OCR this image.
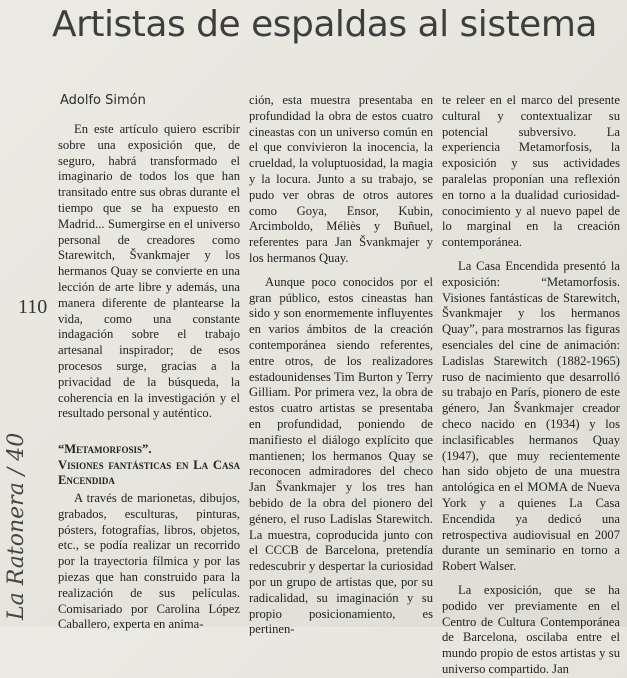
Artistas de espaldas al sistema
Adolfo Simón

En este artículo quiero escribir sobre una exposición que, de seguro, habrá transformado el imaginario de todos los que han transitado entre sus obras durante el tiempo que se ha expuesto en Madrid... Sumergirse en el universo personal de creadores como Starewitch, Švankmajer y los hermanos Quay se convierte en una lección de arte libre y además, una manera diferente de plantearse la vida, como una constante indagación sobre el trabajo artesanal inspirador; de esos procesos surge, gracias a la privacidad de la búsqueda, la coherencia en la investigación y el resultado personal y auténtico.

“Metamorfosis”.
Visiones fantásticas en La Casa Encendida

A través de marionetas, dibujos, grabados, esculturas, pinturas, pósters, fotografías, libros, objetos, etc., se podía realizar un recorrido por la trayectoria fílmica y por las piezas que han construido para la realización de sus películas. Comisariado por Carolina López Caballero, experta en anima-

ción, esta muestra presentaba en profundidad la obra de estos cuatro cineastas con un universo común en el que convivieron la inocencia, la crueldad, la voluptuosidad, la magia y la locura. Junto a su trabajo, se pudo ver obras de otros autores como Goya, Ensor, Kubin, Arcimboldo, Méliès y Buñuel, referentes para Jan Švankmajer y los hermanos Quay.

Aunque poco conocidos por el gran público, estos cineastas han sido y son enormemente influyentes en varios ámbitos de la creación contemporánea siendo referentes, entre otros, de los realizadores estadounidenses Tim Burton y Terry Gilliam. Por primera vez, la obra de estos cuatro artistas se presentaba en profundidad, poniendo de manifiesto el diálogo explícito que mantienen; los hermanos Quay se reconocen admiradores del checo Jan Švankmajer y los tres han bebido de la obra del pionero del género, el ruso Ladislas Starewitch. La muestra, coproducida junto con el CCCB de Barcelona, pretendía redescubrir y despertar la curiosidad por un grupo de artistas que, por su radicalidad, su imaginación y su propio posicionamiento, es pertinen-

te releer en el marco del presente cultural y contextualizar su potencial subversivo. La experiencia Metamorfosis, la exposición y sus actividades paralelas proponían una reflexión en torno a la dualidad curiosidad-conocimiento y al nuevo papel de lo marginal en la creación contemporánea.

La Casa Encendida presentó la exposición: “Metamorfosis. Visiones fantásticas de Starewitch, Švankmajer y los hermanos Quay”, para mostrarnos las figuras esenciales del cine de animación: Ladislas Starewitch (1882-1965) ruso de nacimiento que desarrolló su trabajo en París, pionero de este género, Jan Švankmajer creador checo nacido en (1934) y los inclasificables hermanos Quay (1947), que muy recientemente han sido objeto de una muestra antológica en el MOMA de Nueva York y a quienes La Casa Encendida ya dedicó una retrospectiva audiovisual en 2007 durante un seminario en torno a Robert Walser.

La exposición, que se ha podido ver previamente en el Centro de Cultura Contemporánea de Barcelona, oscilaba entre el mundo propio de estos artistas y su universo compartido. Jan

110
La Ratonera / 40
